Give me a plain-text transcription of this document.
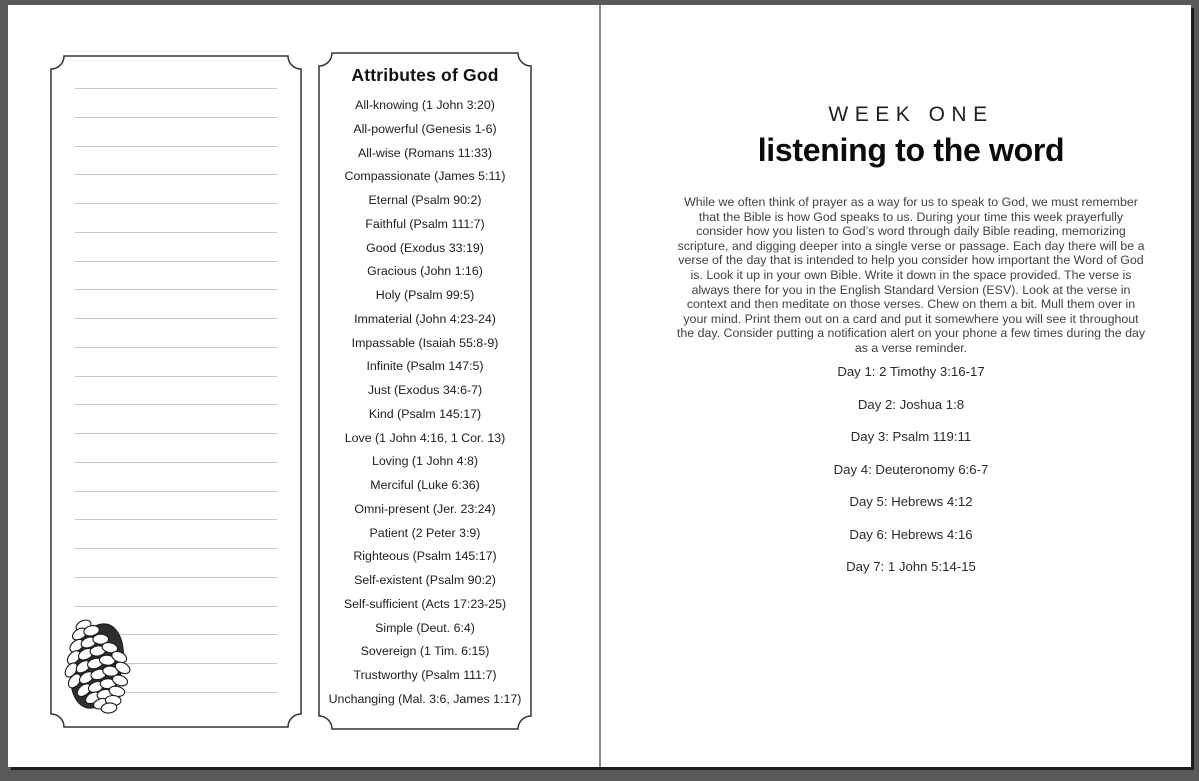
Attributes of God
All-knowing (1 John 3:20)
All-powerful (Genesis 1-6)
All-wise (Romans 11:33)
Compassionate (James 5:11)
Eternal (Psalm 90:2)
Faithful (Psalm 111:7)
Good (Exodus 33:19)
Gracious (John 1:16)
Holy (Psalm 99:5)
Immaterial (John 4:23-24)
Impassable (Isaiah 55:8-9)
Infinite (Psalm 147:5)
Just (Exodus 34:6-7)
Kind (Psalm 145:17)
Love (1 John 4:16, 1 Cor. 13)
Loving (1 John 4:8)
Merciful (Luke 6:36)
Omni-present (Jer. 23:24)
Patient (2 Peter 3:9)
Righteous (Psalm 145:17)
Self-existent (Psalm 90:2)
Self-sufficient (Acts 17:23-25)
Simple (Deut. 6:4)
Sovereign (1 Tim. 6:15)
Trustworthy (Psalm 111:7)
Unchanging (Mal. 3:6, James 1:17)
WEEK ONE
listening to the word

While we often think of prayer as a way for us to speak to God, we must remember that the Bible is how God speaks to us. During your time this week prayerfully consider how you listen to God’s word through daily Bible reading, memorizing scripture, and digging deeper into a single verse or passage. Each day there will be a verse of the day that is intended to help you consider how important the Word of God is. Look it up in your own Bible. Write it down in the space provided. The verse is always there for you in the English Standard Version (ESV). Look at the verse in context and then meditate on those verses. Chew on them a bit. Mull them over in your mind. Print them out on a card and put it somewhere you will see it throughout the day. Consider putting a notification alert on your phone a few times during the day as a verse reminder.

Day 1: 2 Timothy 3:16-17
Day 2: Joshua 1:8
Day 3: Psalm 119:11
Day 4: Deuteronomy 6:6-7
Day 5: Hebrews 4:12
Day 6: Hebrews 4:16
Day 7: 1 John 5:14-15
